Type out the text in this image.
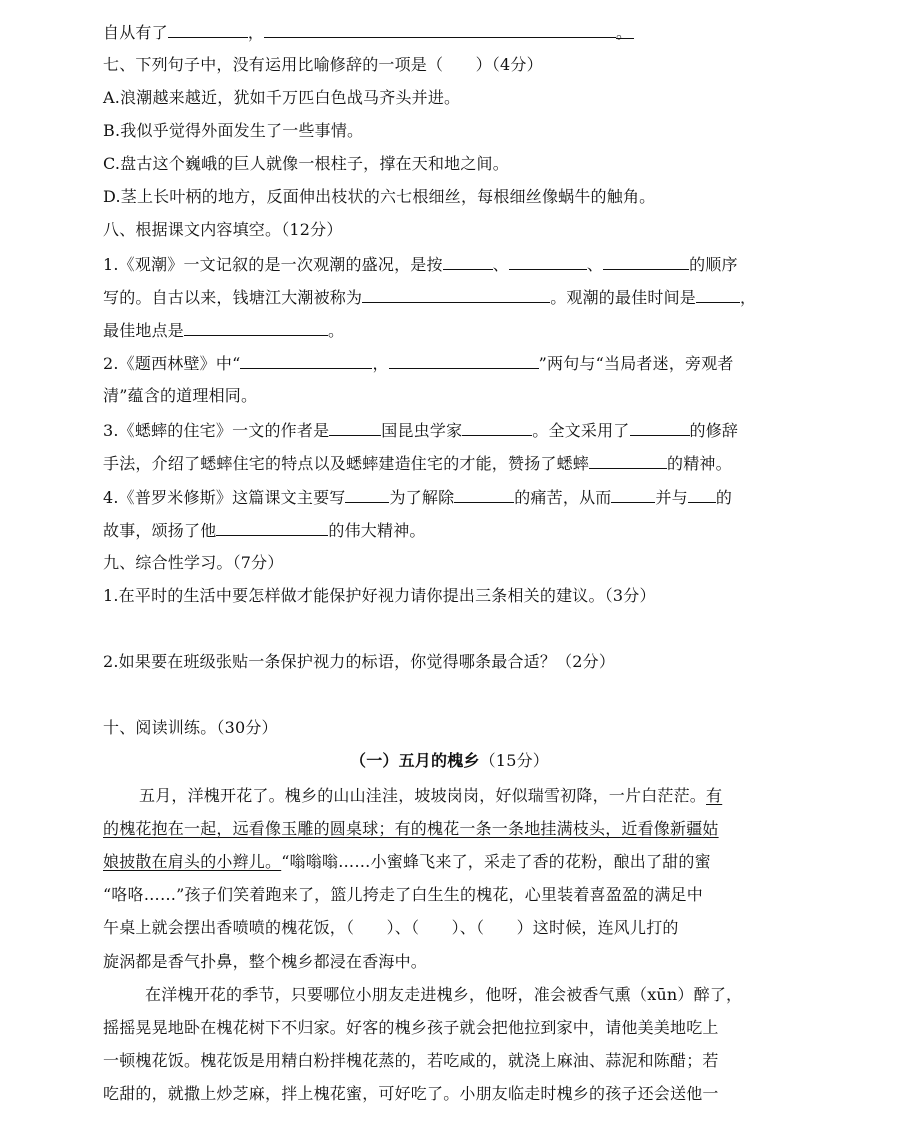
自从有了	，	。
七、下列句子中，没有运用比喻修辞的一项是（　　）（4分）
A.浪潮越来越近，犹如千万匹白色战马齐头并进。
B.我似乎觉得外面发生了一些事情。
C.盘古这个巍峨的巨人就像一根柱子，撑在天和地之间。
D.茎上长叶柄的地方，反面伸出枝状的六七根细丝，每根细丝像蜗牛的触角。
八、根据课文内容填空。（12分）
1.《观潮》一文记叙的是一次观潮的盛况，是按	、	、	的顺序
写的。自古以来，钱塘江大潮被称为	。观潮的最佳时间是	，
最佳地点是	。
2.《题西林壁》中“	，	”两句与“当局者迷，旁观者
清”蕴含的道理相同。
3.《蟋蟀的住宅》一文的作者是	国昆虫学家	。全文采用了	的修辞
手法，介绍了蟋蟀住宅的特点以及蟋蟀建造住宅的才能，赞扬了蟋蟀	的精神。
4.《普罗米修斯》这篇课文主要写	为了解除	的痛苦，从而	并与 的
故事，颂扬了他	的伟大精神。
九、综合性学习。（7分）
1.在平时的生活中要怎样做才能保护好视力请你提出三条相关的建议。（3分）
2.如果要在班级张贴一条保护视力的标语，你觉得哪条最合适？（2分）
十、阅读训练。（30分）
（一）五月的槐乡（15分）
五月，洋槐开花了。槐乡的山山洼洼，坡坡岗岗，好似瑞雪初降，一片白茫茫。有
的槐花抱在一起，远看像玉雕的圆桌球；有的槐花一条一条地挂满枝头，近看像新疆姑
娘披散在肩头的小辫儿。“嗡嗡嗡……小蜜蜂飞来了，采走了香的花粉，酿出了甜的蜜
“咯咯……”孩子们笑着跑来了，篮儿挎走了白生生的槐花，心里装着喜盈盈的满足中
午桌上就会摆出香喷喷的槐花饭，（　　）、（　　）、（　　）这时候，连风儿打的
旋涡都是香气扑鼻，整个槐乡都浸在香海中。
在洋槐开花的季节，只要哪位小朋友走进槐乡，他呀，准会被香气熏（xūn）醉了，
摇摇晃晃地卧在槐花树下不归家。好客的槐乡孩子就会把他拉到家中，请他美美地吃上
一顿槐花饭。槐花饭是用精白粉拌槐花蒸的，若吃咸的，就浇上麻油、蒜泥和陈醋；若
吃甜的，就撒上炒芝麻，拌上槐花蜜，可好吃了。小朋友临走时槐乡的孩子还会送他一
